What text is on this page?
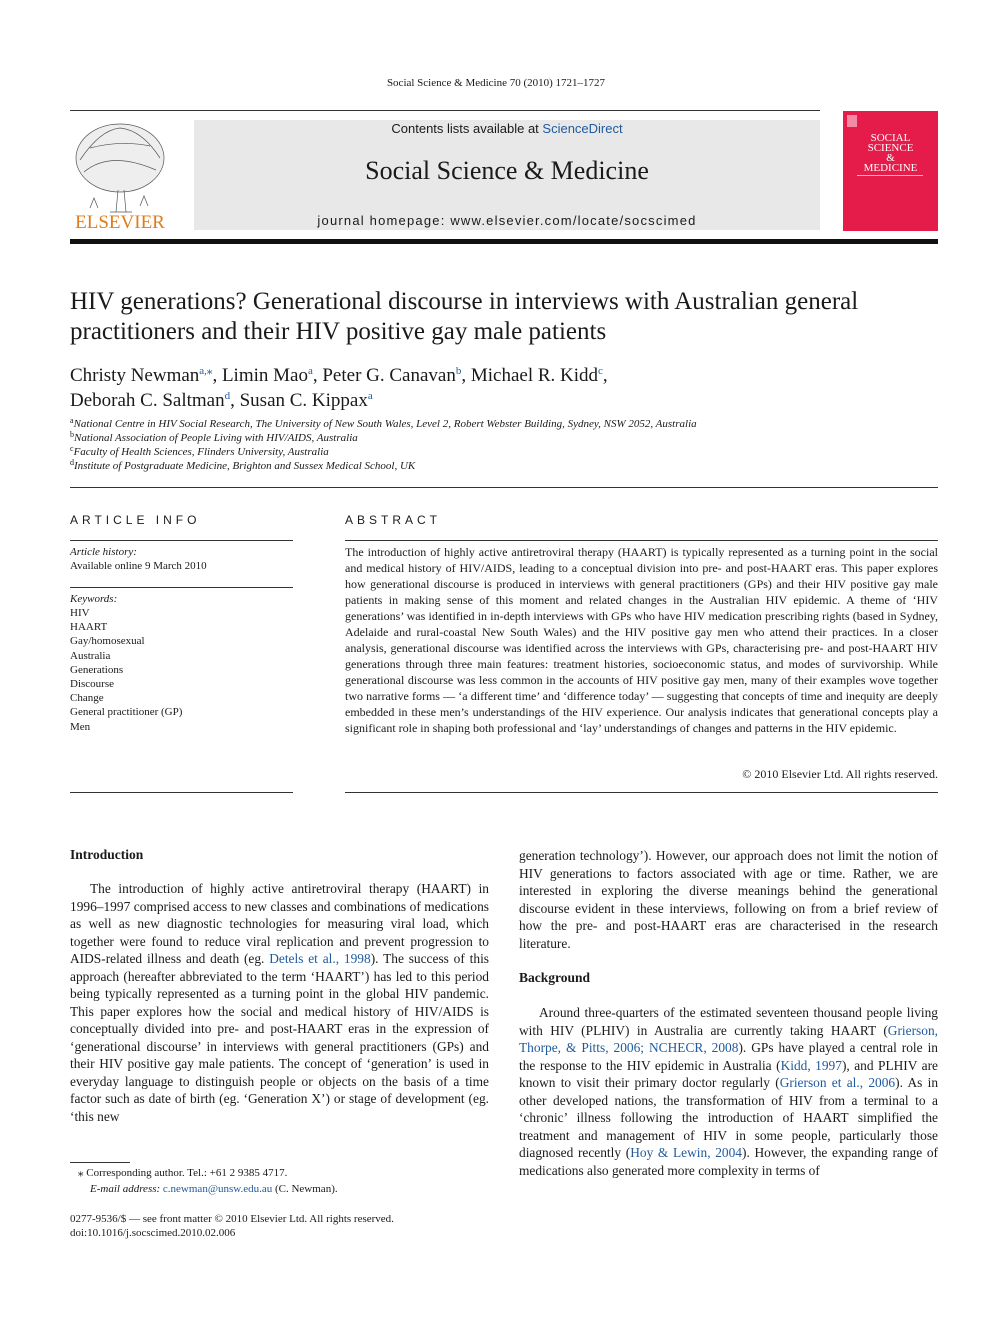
Social Science & Medicine 70 (2010) 1721–1727
ELSEVIER
Contents lists available at ScienceDirect
Social Science & Medicine
journal homepage: www.elsevier.com/locate/socscimed
SOCIAL
SCIENCE
&
MEDICINE
HIV generations? Generational discourse in interviews with Australian general practitioners and their HIV positive gay male patients
Christy Newman$^{a,⁎}$, Limin Mao$^a$, Peter G. Canavan$^b$, Michael R. Kidd$^c$,
Deborah C. Saltman$^d$, Susan C. Kippax$^a$
$^a$National Centre in HIV Social Research, The University of New South Wales, Level 2, Robert Webster Building, Sydney, NSW 2052, Australia
$^b$National Association of People Living with HIV/AIDS, Australia
$^c$Faculty of Health Sciences, Flinders University, Australia
$^d$Institute of Postgraduate Medicine, Brighton and Sussex Medical School, UK
ARTICLE INFO
Article history:
Available online 9 March 2010
Keywords:
HIV
HAART
Gay/homosexual
Australia
Generations
Discourse
Change
General practitioner (GP)
Men
ABSTRACT
The introduction of highly active antiretroviral therapy (HAART) is typically represented as a turning point in the social and medical history of HIV/AIDS, leading to a conceptual division into pre- and post-HAART eras. This paper explores how generational discourse is produced in interviews with general practitioners (GPs) and their HIV positive gay male patients in making sense of this moment and related changes in the Australian HIV epidemic. A theme of ‘HIV generations’ was identified in in-depth interviews with GPs who have HIV medication prescribing rights (based in Sydney, Adelaide and rural-coastal New South Wales) and the HIV positive gay men who attend their practices. In a closer analysis, generational discourse was identified across the interviews with GPs, characterising pre- and post-HAART HIV generations through three main features: treatment histories, socioeconomic status, and modes of survivorship. While generational discourse was less common in the accounts of HIV positive gay men, many of their examples wove together two narrative forms — ‘a different time’ and ‘difference today’ — suggesting that concepts of time and inequity are deeply embedded in these men’s understandings of the HIV experience. Our analysis indicates that generational concepts play a significant role in shaping both professional and ‘lay’ understandings of changes and patterns in the HIV epidemic.
© 2010 Elsevier Ltd. All rights reserved.
Introduction
The introduction of highly active antiretroviral therapy (HAART) in 1996–1997 comprised access to new classes and combinations of medications as well as new diagnostic technologies for measuring viral load, which together were found to reduce viral replication and prevent progression to AIDS-related illness and death (eg. Detels et al., 1998). The success of this approach (hereafter abbreviated to the term ‘HAART’) has led to this period being typically represented as a turning point in the global HIV pandemic. This paper explores how the social and medical history of HIV/AIDS is conceptually divided into pre- and post-HAART eras in the expression of ‘generational discourse’ in interviews with general practitioners (GPs) and their HIV positive gay male patients. The concept of ‘generation’ is used in everyday language to distinguish people or objects on the basis of a time factor such as date of birth (eg. ‘Generation X’) or stage of development (eg. ‘this new
generation technology’). However, our approach does not limit the notion of HIV generations to factors associated with age or time. Rather, we are interested in exploring the diverse meanings behind the generational discourse evident in these interviews, following on from a brief review of how the pre- and post-HAART eras are characterised in the research literature.
Background
Around three-quarters of the estimated seventeen thousand people living with HIV (PLHIV) in Australia are currently taking HAART (Grierson, Thorpe, & Pitts, 2006; NCHECR, 2008). GPs have played a central role in the response to the HIV epidemic in Australia (Kidd, 1997), and PLHIV are known to visit their primary doctor regularly (Grierson et al., 2006). As in other developed nations, the transformation of HIV from a terminal to a ‘chronic’ illness following the introduction of HAART simplified the treatment and management of HIV in some people, particularly those diagnosed recently (Hoy & Lewin, 2004). However, the expanding range of medications also generated more complexity in terms of
⁎ Corresponding author. Tel.: +61 2 9385 4717.
E-mail address: c.newman@unsw.edu.au (C. Newman).
0277-9536/$ — see front matter © 2010 Elsevier Ltd. All rights reserved.
doi:10.1016/j.socscimed.2010.02.006
